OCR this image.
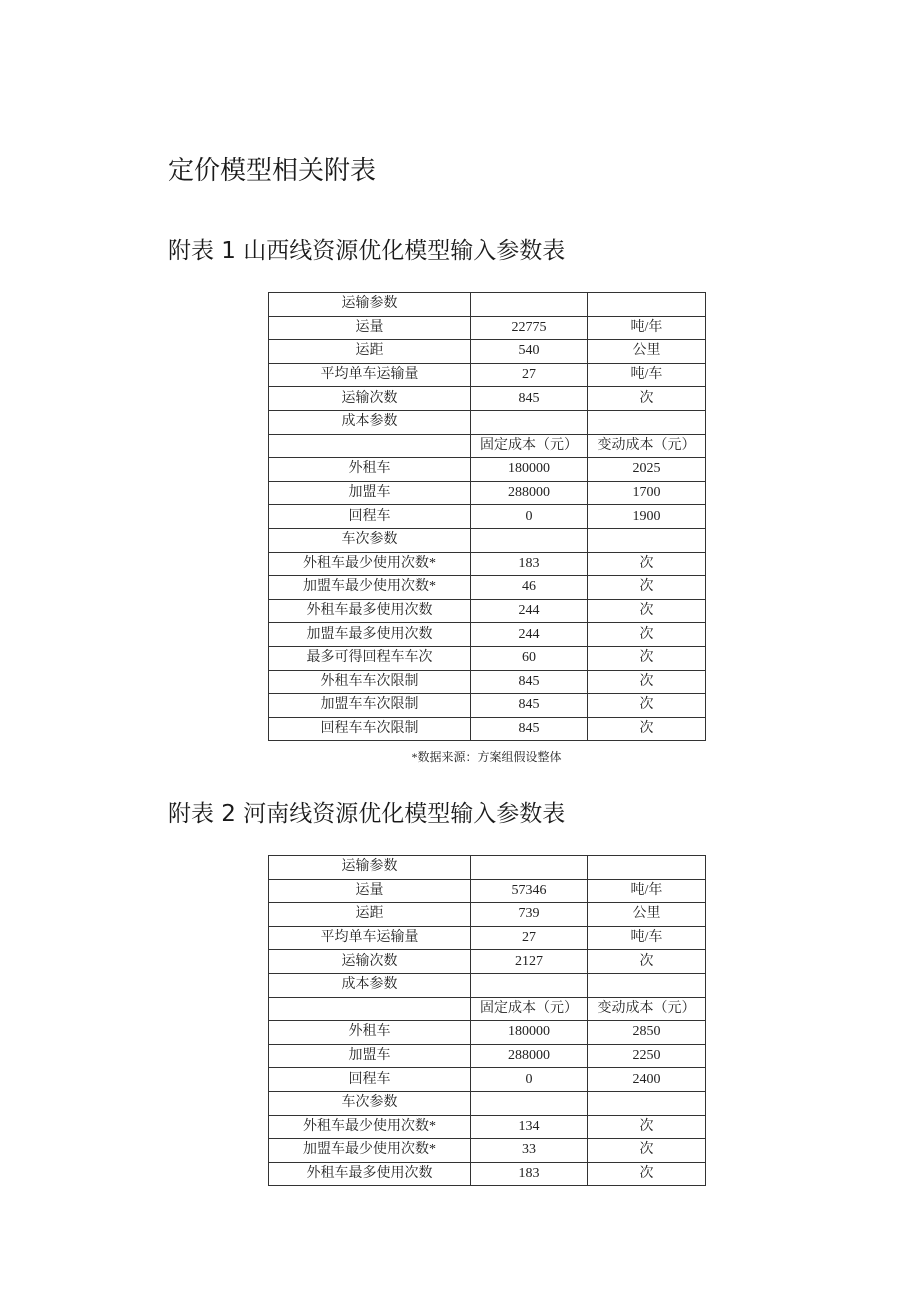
定价模型相关附表
附表 1 山西线资源优化模型输入参数表
运输参数		
运量	22775	吨/年
运距	540	公里
平均单车运输量	27	吨/车
运输次数	845	次
成本参数		
	固定成本（元）	变动成本（元）
外租车	180000	2025
加盟车	288000	1700
回程车	0	1900
车次参数		
外租车最少使用次数*	183	次
加盟车最少使用次数*	46	次
外租车最多使用次数	244	次
加盟车最多使用次数	244	次
最多可得回程车车次	60	次
外租车车次限制	845	次
加盟车车次限制	845	次
回程车车次限制	845	次
*数据来源：方案组假设整体
附表 2 河南线资源优化模型输入参数表
运输参数		
运量	57346	吨/年
运距	739	公里
平均单车运输量	27	吨/车
运输次数	2127	次
成本参数		
	固定成本（元）	变动成本（元）
外租车	180000	2850
加盟车	288000	2250
回程车	0	2400
车次参数		
外租车最少使用次数*	134	次
加盟车最少使用次数*	33	次
外租车最多使用次数	183	次
